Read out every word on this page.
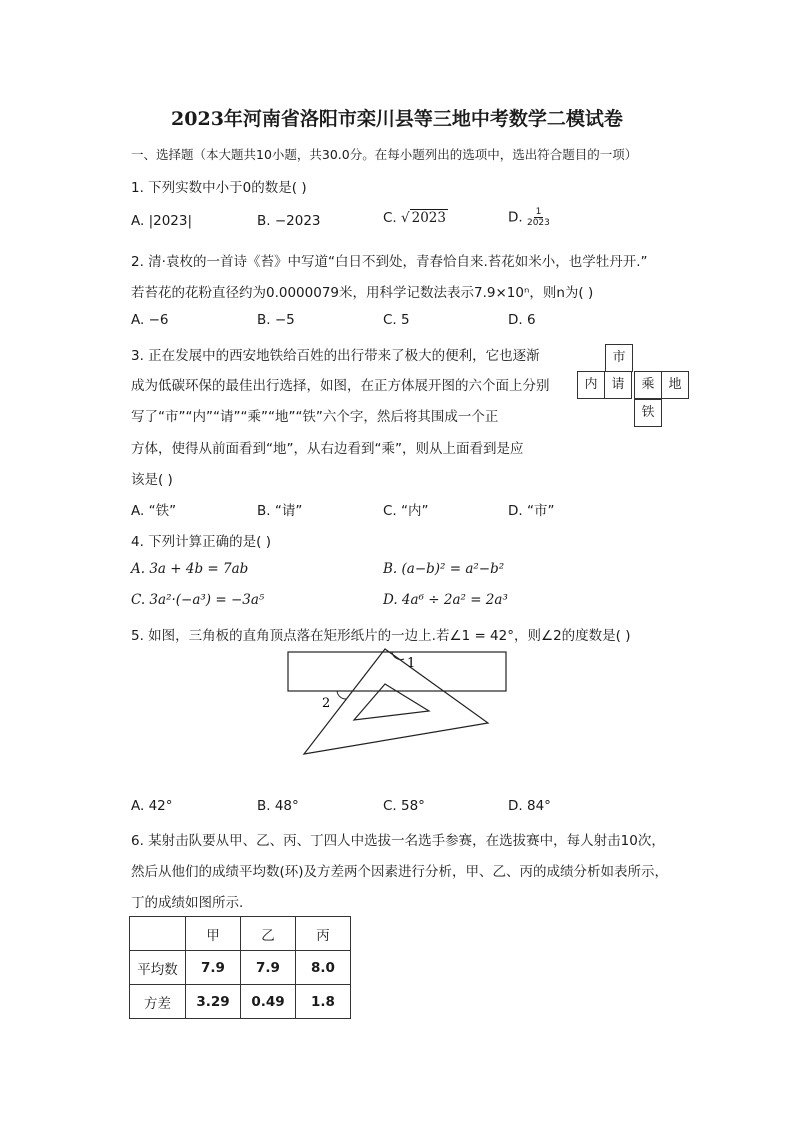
2023年河南省洛阳市栾川县等三地中考数学二模试卷
一、选择题（本大题共10小题，共30.0分。在每小题列出的选项中，选出符合题目的一项）
1. 下列实数中小于0的数是( )
A. |2023|	B. −2023	C. √ 2023	D. $\frac{1}{2023}$
2. 清·袁枚的一首诗《苔》中写道“白日不到处，青春恰自来.苔花如米小，也学牡丹开.”
若苔花的花粉直径约为0.0000079米，用科学记数法表示7.9×10ⁿ，则n为( )
A. −6	B. −5	C. 5	D. 6
3. 正在发展中的西安地铁给百姓的出行带来了极大的便利，它也逐渐
成为低碳环保的最佳出行选择，如图，在正方体展开图的六个面上分别
写了“市”“内”“请”“乘”“地”“铁”六个字，然后将其围成一个正
方体，使得从前面看到“地”，从右边看到“乘”，则从上面看到是应
该是( )
市
内	请	乘	地
铁
A. “铁”	B. “请”	C. “内”	D. “市”
4. 下列计算正确的是( )
A. 3a + 4b = 7ab	B. (a−b)² = a²−b²
C. 3a²·(−a³) = −3a⁵	D. 4a⁶ ÷ 2a² = 2a³
5. 如图，三角板的直角顶点落在矩形纸片的一边上.若∠1 = 42°，则∠2的度数是( )
1
2
A. 42°	B. 48°	C. 58°	D. 84°
6. 某射击队要从甲、乙、丙、丁四人中选拔一名选手参赛，在选拔赛中，每人射击10次，
然后从他们的成绩平均数(环)及方差两个因素进行分析，甲、乙、丙的成绩分析如表所示，
丁的成绩如图所示.
	甲	乙	丙
平均数	7.9	7.9	8.0
方差	3.29	0.49	1.8
